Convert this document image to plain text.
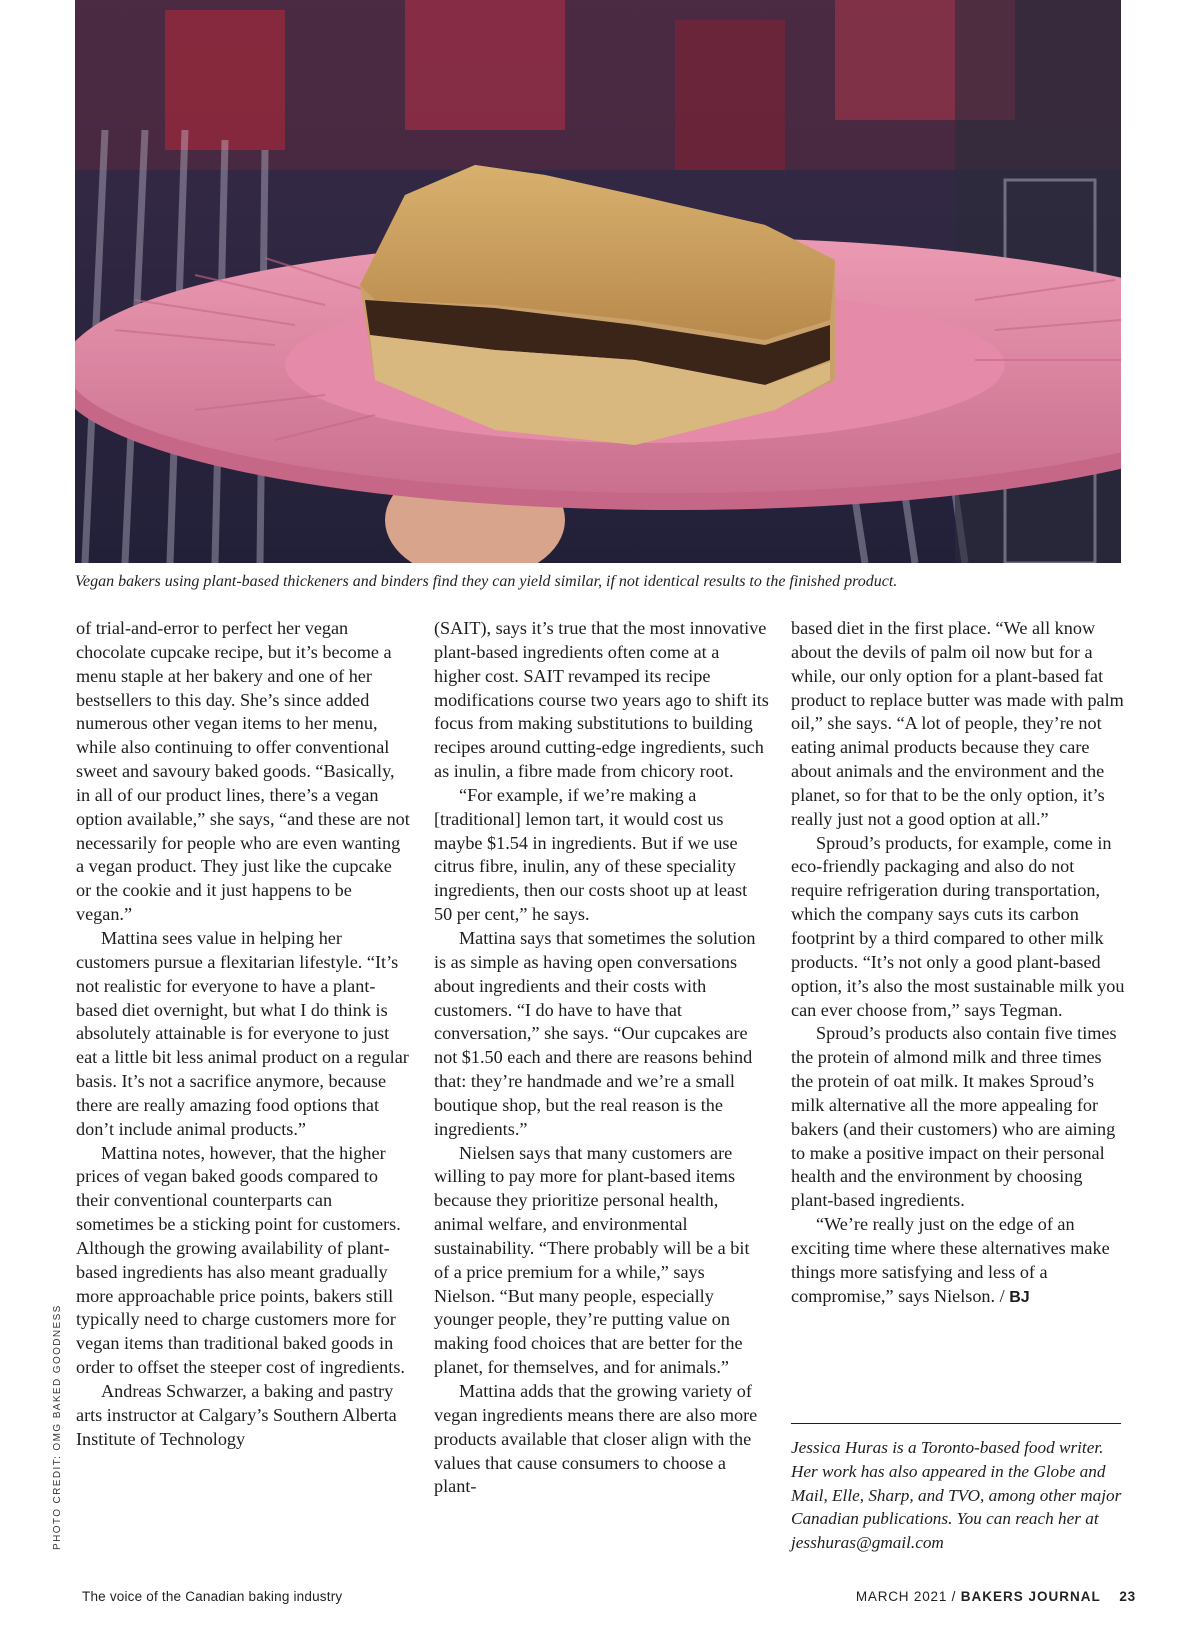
Vegan bakers using plant-based thickeners and binders find they can yield similar, if not identical results to the finished product.

of trial-and-error to perfect her vegan chocolate cupcake recipe, but it’s become a menu staple at her bakery and one of her bestsellers to this day. She’s since added numerous other vegan items to her menu, while also continuing to offer conventional sweet and savoury baked goods. “Basically, in all of our product lines, there’s a vegan option available,” she says, “and these are not necessarily for people who are even wanting a vegan product. They just like the cupcake or the cookie and it just happens to be vegan.”

Mattina sees value in helping her customers pursue a flexitarian lifestyle. “It’s not realistic for everyone to have a plant-based diet overnight, but what I do think is absolutely attainable is for everyone to just eat a little bit less animal product on a regular basis. It’s not a sacrifice anymore, because there are really amazing food options that don’t include animal products.”

Mattina notes, however, that the higher prices of vegan baked goods compared to their conventional counterparts can sometimes be a sticking point for customers. Although the growing availability of plant-based ingredients has also meant gradually more approachable price points, bakers still typically need to charge customers more for vegan items than traditional baked goods in order to offset the steeper cost of ingredients.

Andreas Schwarzer, a baking and pastry arts instructor at Calgary’s Southern Alberta Institute of Technology

(SAIT), says it’s true that the most innovative plant-based ingredients often come at a higher cost. SAIT revamped its recipe modifications course two years ago to shift its focus from making substitutions to building recipes around cutting-edge ingredients, such as inulin, a fibre made from chicory root.

“For example, if we’re making a [traditional] lemon tart, it would cost us maybe $1.54 in ingredients. But if we use citrus fibre, inulin, any of these speciality ingredients, then our costs shoot up at least 50 per cent,” he says.

Mattina says that sometimes the solution is as simple as having open conversations about ingredients and their costs with customers. “I do have to have that conversation,” she says. “Our cupcakes are not $1.50 each and there are reasons behind that: they’re handmade and we’re a small boutique shop, but the real reason is the ingredients.”

Nielsen says that many customers are willing to pay more for plant-based items because they prioritize personal health, animal welfare, and environmental sustainability. “There probably will be a bit of a price premium for a while,” says Nielson. “But many people, especially younger people, they’re putting value on making food choices that are better for the planet, for themselves, and for animals.”

Mattina adds that the growing variety of vegan ingredients means there are also more products available that closer align with the values that cause consumers to choose a plant-

based diet in the first place. “We all know about the devils of palm oil now but for a while, our only option for a plant-based fat product to replace butter was made with palm oil,” she says. “A lot of people, they’re not eating animal products because they care about animals and the environment and the planet, so for that to be the only option, it’s really just not a good option at all.”

Sproud’s products, for example, come in eco-friendly packaging and also do not require refrigeration during transportation, which the company says cuts its carbon footprint by a third compared to other milk products. “It’s not only a good plant-based option, it’s also the most sustainable milk you can ever choose from,” says Tegman.

Sproud’s products also contain five times the protein of almond milk and three times the protein of oat milk. It makes Sproud’s milk alternative all the more appealing for bakers (and their customers) who are aiming to make a positive impact on their personal health and the environment by choosing plant-based ingredients.

“We’re really just on the edge of an exciting time where these alternatives make things more satisfying and less of a compromise,” says Nielson. / BJ

Jessica Huras is a Toronto-based food writer. Her work has also appeared in the Globe and Mail, Elle, Sharp, and TVO, among other major Canadian publications. You can reach her at jesshuras@gmail.com
PHOTO CREDIT: OMG BAKED GOODNESS
The voice of the Canadian baking industry	MARCH 2021 / BAKERS JOURNAL 23
